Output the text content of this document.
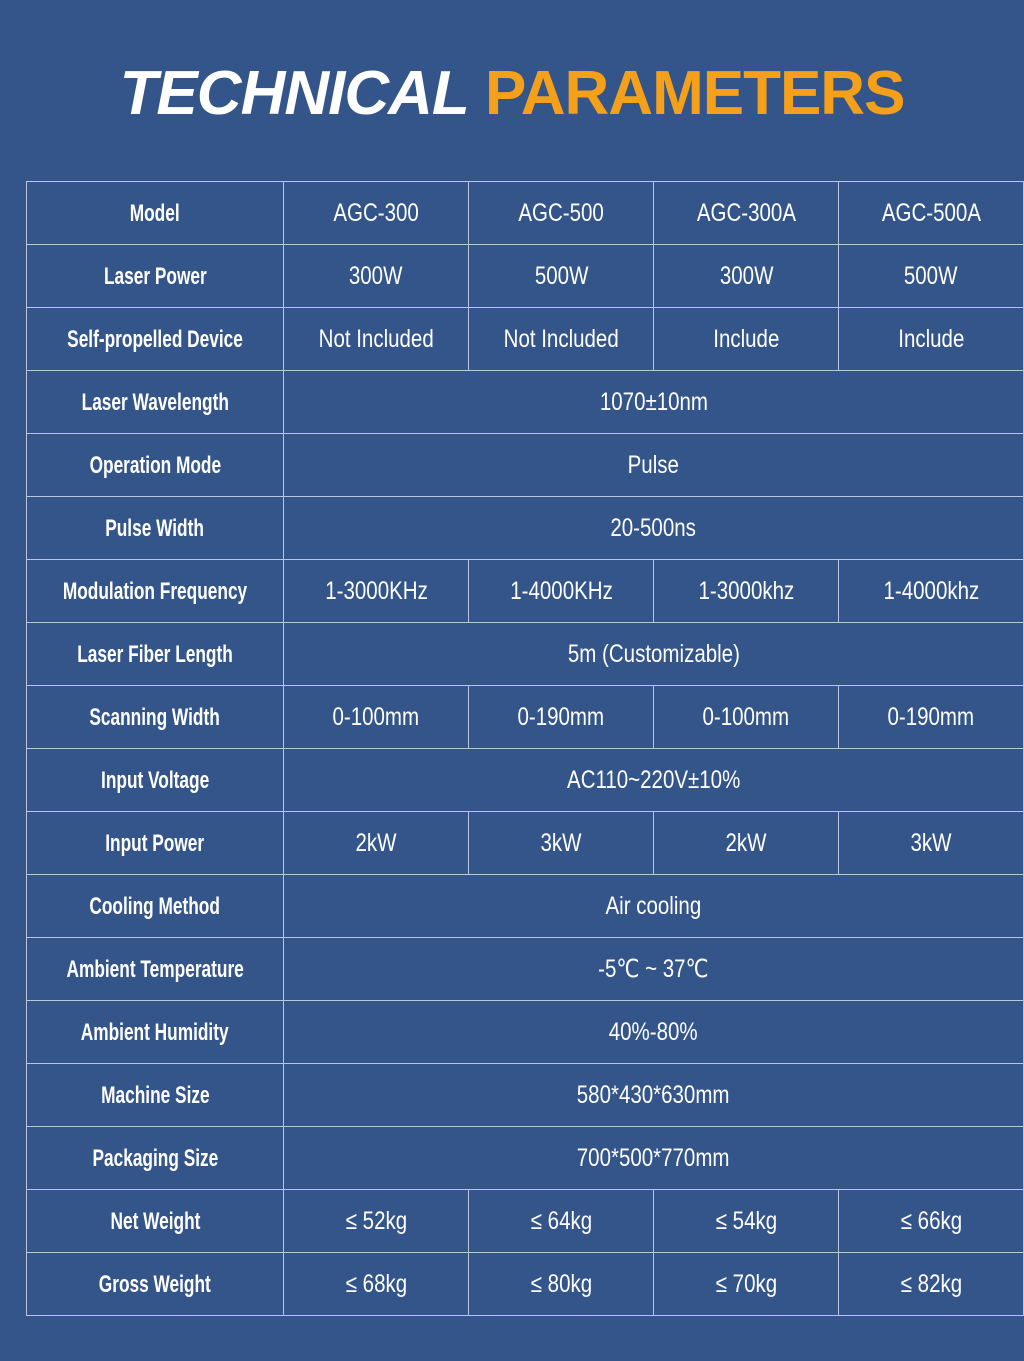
TECHNICAL PARAMETERS
Model	AGC-300	AGC-500	AGC-300A	AGC-500A
Laser Power	300W	500W	300W	500W
Self-propelled Device	Not Included	Not Included	Include	Include
Laser Wavelength	1070±10nm			
Operation Mode	Pulse			
Pulse Width	20-500ns			
Modulation Frequency	1-3000KHz	1-4000KHz	1-3000khz	1-4000khz
Laser Fiber Length	5m (Customizable)			
Scanning Width	0-100mm	0-190mm	0-100mm	0-190mm
Input Voltage	AC110~220V±10%			
Input Power	2kW	3kW	2kW	3kW
Cooling Method	Air cooling			
Ambient Temperature	-5℃ ~ 37℃			
Ambient Humidity	40%-80%			
Machine Size	580*430*630mm			
Packaging Size	700*500*770mm			
Net Weight	≤ 52kg	≤ 64kg	≤ 54kg	≤ 66kg
Gross Weight	≤ 68kg	≤ 80kg	≤ 70kg	≤ 82kg
